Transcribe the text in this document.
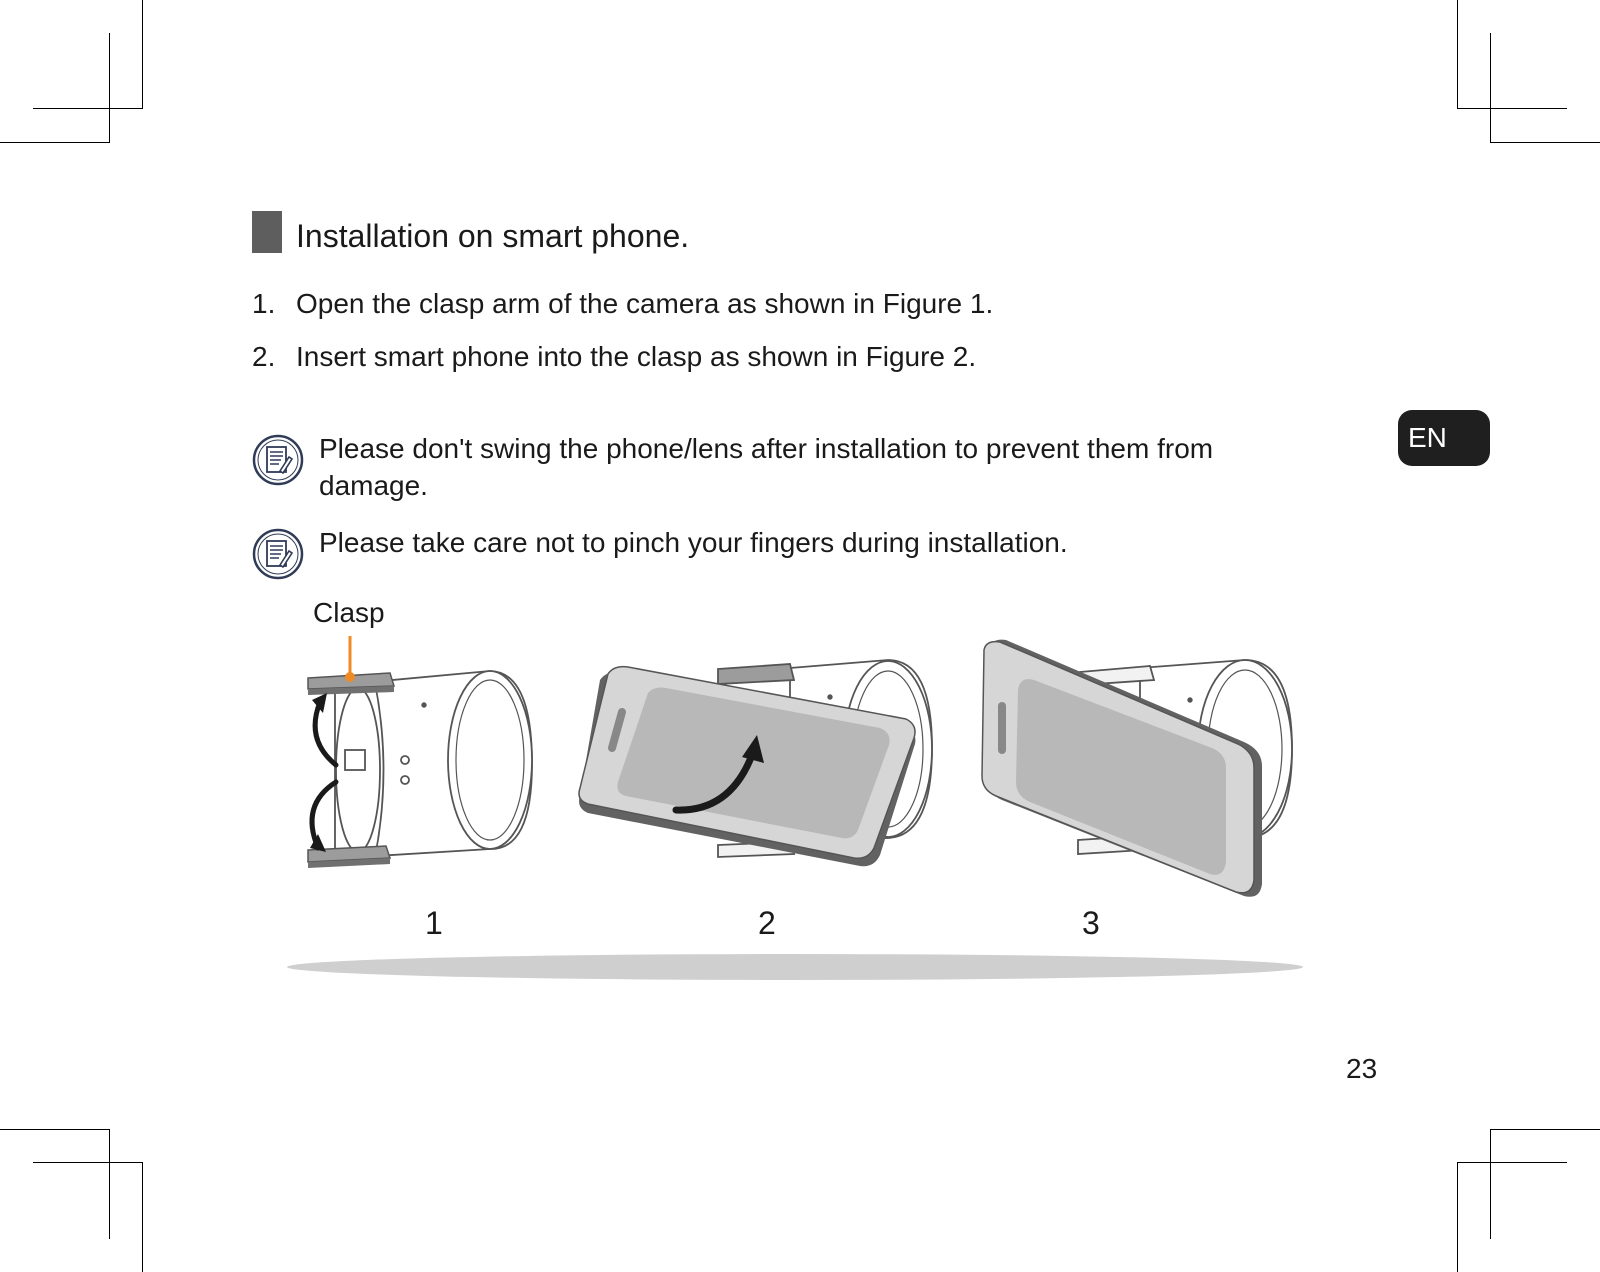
Installation on smart phone.
1. Open the clasp arm of the camera as shown in Figure 1.
2. Insert smart phone into the clasp as shown in Figure 2.
Please don't swing the phone/lens after installation to prevent them from damage.
Please take care not to pinch your fingers during installation.
EN
Clasp
1	2	3
23
